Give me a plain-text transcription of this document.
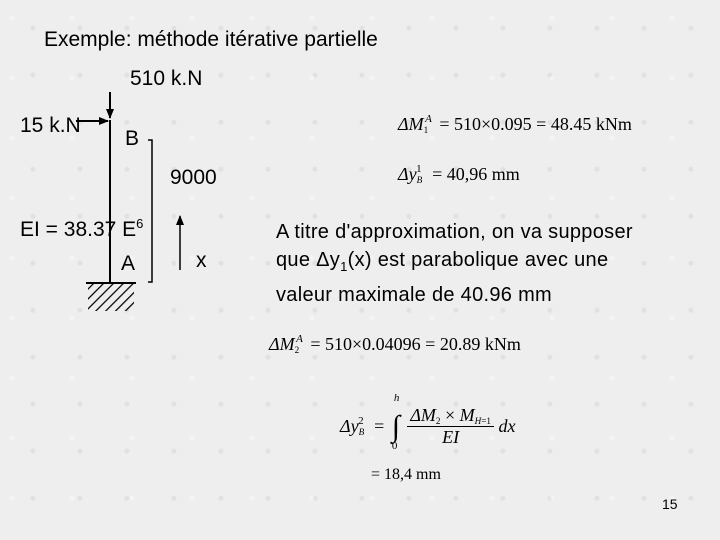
Exemple: méthode itérative partielle
510 k.N
15 k.N
B
9000
EI = 38.37 $E^6$
A	x
$\Delta M_1^A = 510\times 0.095 = 48.45$ kNm
$\Delta y_B^1 = 40,96$ mm
$\Delta M_2^A = 510\times 0.04096 = 20.89$ kNm
$\Delta y_B^2$ =
h
∫
0
$\frac{\Delta M_2 \times M_{H=1}}{EI}$ dx
= 18,4 mm
A titre d'approximation, on va supposer
que $\Delta y_1(x)$ est parabolique avec une
valeur maximale de 40.96 mm
15
